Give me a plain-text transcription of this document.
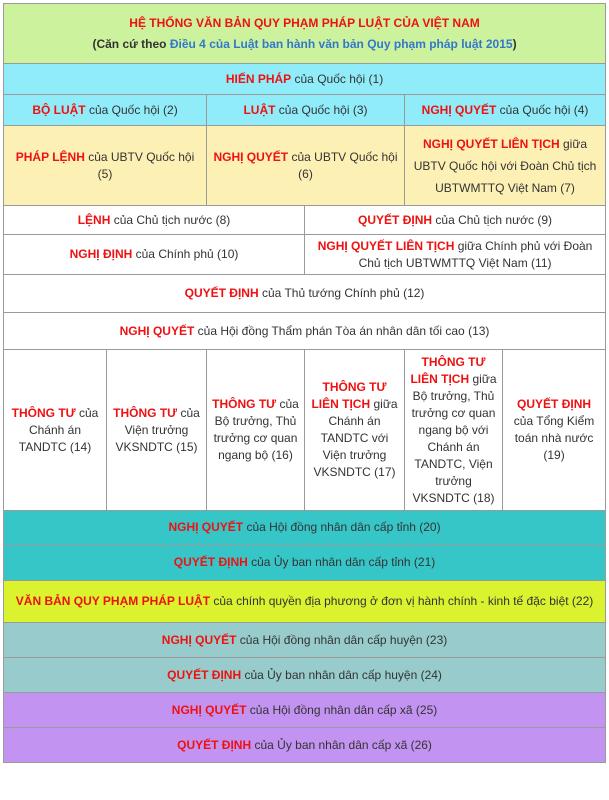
HỆ THỐNG VĂN BẢN QUY PHẠM PHÁP LUẬT CỦA VIỆT NAM
(Căn cứ theo Điều 4 của Luật ban hành văn bản Quy phạm pháp luật 2015)					

HIẾN PHÁP của Quốc hội (1)					
BỘ LUẬT của Quốc hội (2)		LUẬT của Quốc hội (3)		NGHỊ QUYẾT của Quốc hội (4)	
PHÁP LỆNH của UBTV Quốc hội (5)		NGHỊ QUYẾT của UBTV Quốc hội (6)		NGHỊ QUYẾT LIÊN TỊCH giữa UBTV Quốc hội với Đoàn Chủ tịch UBTWMTTQ Việt Nam (7)	
LỆNH của Chủ tịch nước (8)			QUYẾT ĐỊNH của Chủ tịch nước (9)		
NGHỊ ĐỊNH của Chính phủ (10)			NGHỊ QUYẾT LIÊN TỊCH giữa Chính phủ với Đoàn Chủ tịch UBTWMTTQ Việt Nam (11)		
QUYẾT ĐỊNH của Thủ tướng Chính phủ (12)					
NGHỊ QUYẾT của Hội đồng Thẩm phán Tòa án nhân dân tối cao (13)					
THÔNG TƯ của Chánh án TANDTC (14)	THÔNG TƯ của Viện trưởng VKSNDTC (15)	THÔNG TƯ của Bộ trưởng, Thủ trưởng cơ quan ngang bộ (16)	THÔNG TƯ LIÊN TỊCH giữa Chánh án TANDTC với Viện trưởng VKSNDTC (17)	THÔNG TƯ LIÊN TỊCH giữa Bộ trưởng, Thủ trưởng cơ quan ngang bộ với Chánh án TANDTC, Viện trưởng VKSNDTC (18)	QUYẾT ĐỊNH của Tổng Kiểm toán nhà nước (19)
NGHỊ QUYẾT của Hội đồng nhân dân cấp tỉnh (20)					
QUYẾT ĐỊNH của Ủy ban nhân dân cấp tỉnh (21)					
VĂN BẢN QUY PHẠM PHÁP LUẬT của chính quyền địa phương ở đơn vị hành chính - kinh tế đặc biệt (22)					
NGHỊ QUYẾT của Hội đồng nhân dân cấp huyện (23)					
QUYẾT ĐỊNH của Ủy ban nhân dân cấp huyện (24)					
NGHỊ QUYẾT của Hội đồng nhân dân cấp xã (25)					
QUYẾT ĐỊNH của Ủy ban nhân dân cấp xã (26)					
